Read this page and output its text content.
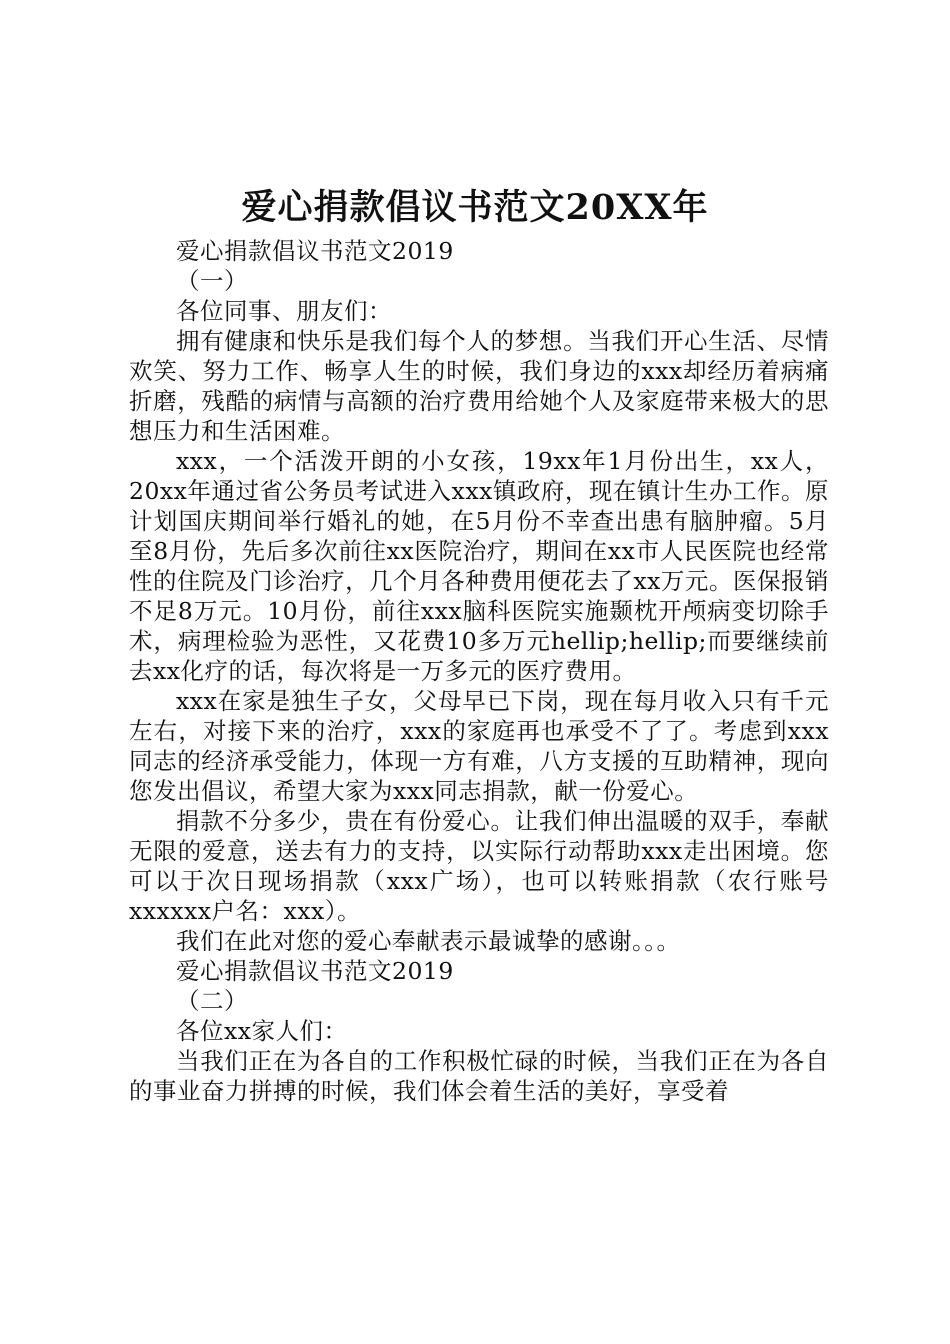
爱心捐款倡议书范文20XX年

爱心捐款倡议书范文2019

（一）

各位同事、朋友们：

拥有健康和快乐是我们每个人的梦想。当我们开心生活、尽情欢笑、努力工作、畅享人生的时候，我们身边的xxx却经历着病痛折磨，残酷的病情与高额的治疗费用给她个人及家庭带来极大的思想压力和生活困难。

xxx，一个活泼开朗的小女孩，19xx年1月份出生，xx人，20xx年通过省公务员考试进入xxx镇政府，现在镇计生办工作。原计划国庆期间举行婚礼的她，在5月份不幸查出患有脑肿瘤。5月至8月份，先后多次前往xx医院治疗，期间在xx市人民医院也经常性的住院及门诊治疗，几个月各种费用便花去了xx万元。医保报销不足8万元。10月份，前往xxx脑科医院实施颞枕开颅病变切除手术，病理检验为恶性，又花费10多万元hellip;hellip;而要继续前去xx化疗的话，每次将是一万多元的医疗费用。

xxx在家是独生子女，父母早已下岗，现在每月收入只有千元左右，对接下来的治疗，xxx的家庭再也承受不了了。考虑到xxx同志的经济承受能力，体现一方有难，八方支援的互助精神，现向您发出倡议，希望大家为xxx同志捐款，献一份爱心。

捐款不分多少，贵在有份爱心。让我们伸出温暖的双手，奉献无限的爱意，送去有力的支持，以实际行动帮助xxx走出困境。您可以于次日现场捐款（xxx广场），也可以转账捐款（农行账号xxxxxx户名：xxx）。

我们在此对您的爱心奉献表示最诚挚的感谢。。。

爱心捐款倡议书范文2019

（二）

各位xx家人们：

当我们正在为各自的工作积极忙碌的时候，当我们正在为各自的事业奋力拼搏的时候，我们体会着生活的美好，享受着
